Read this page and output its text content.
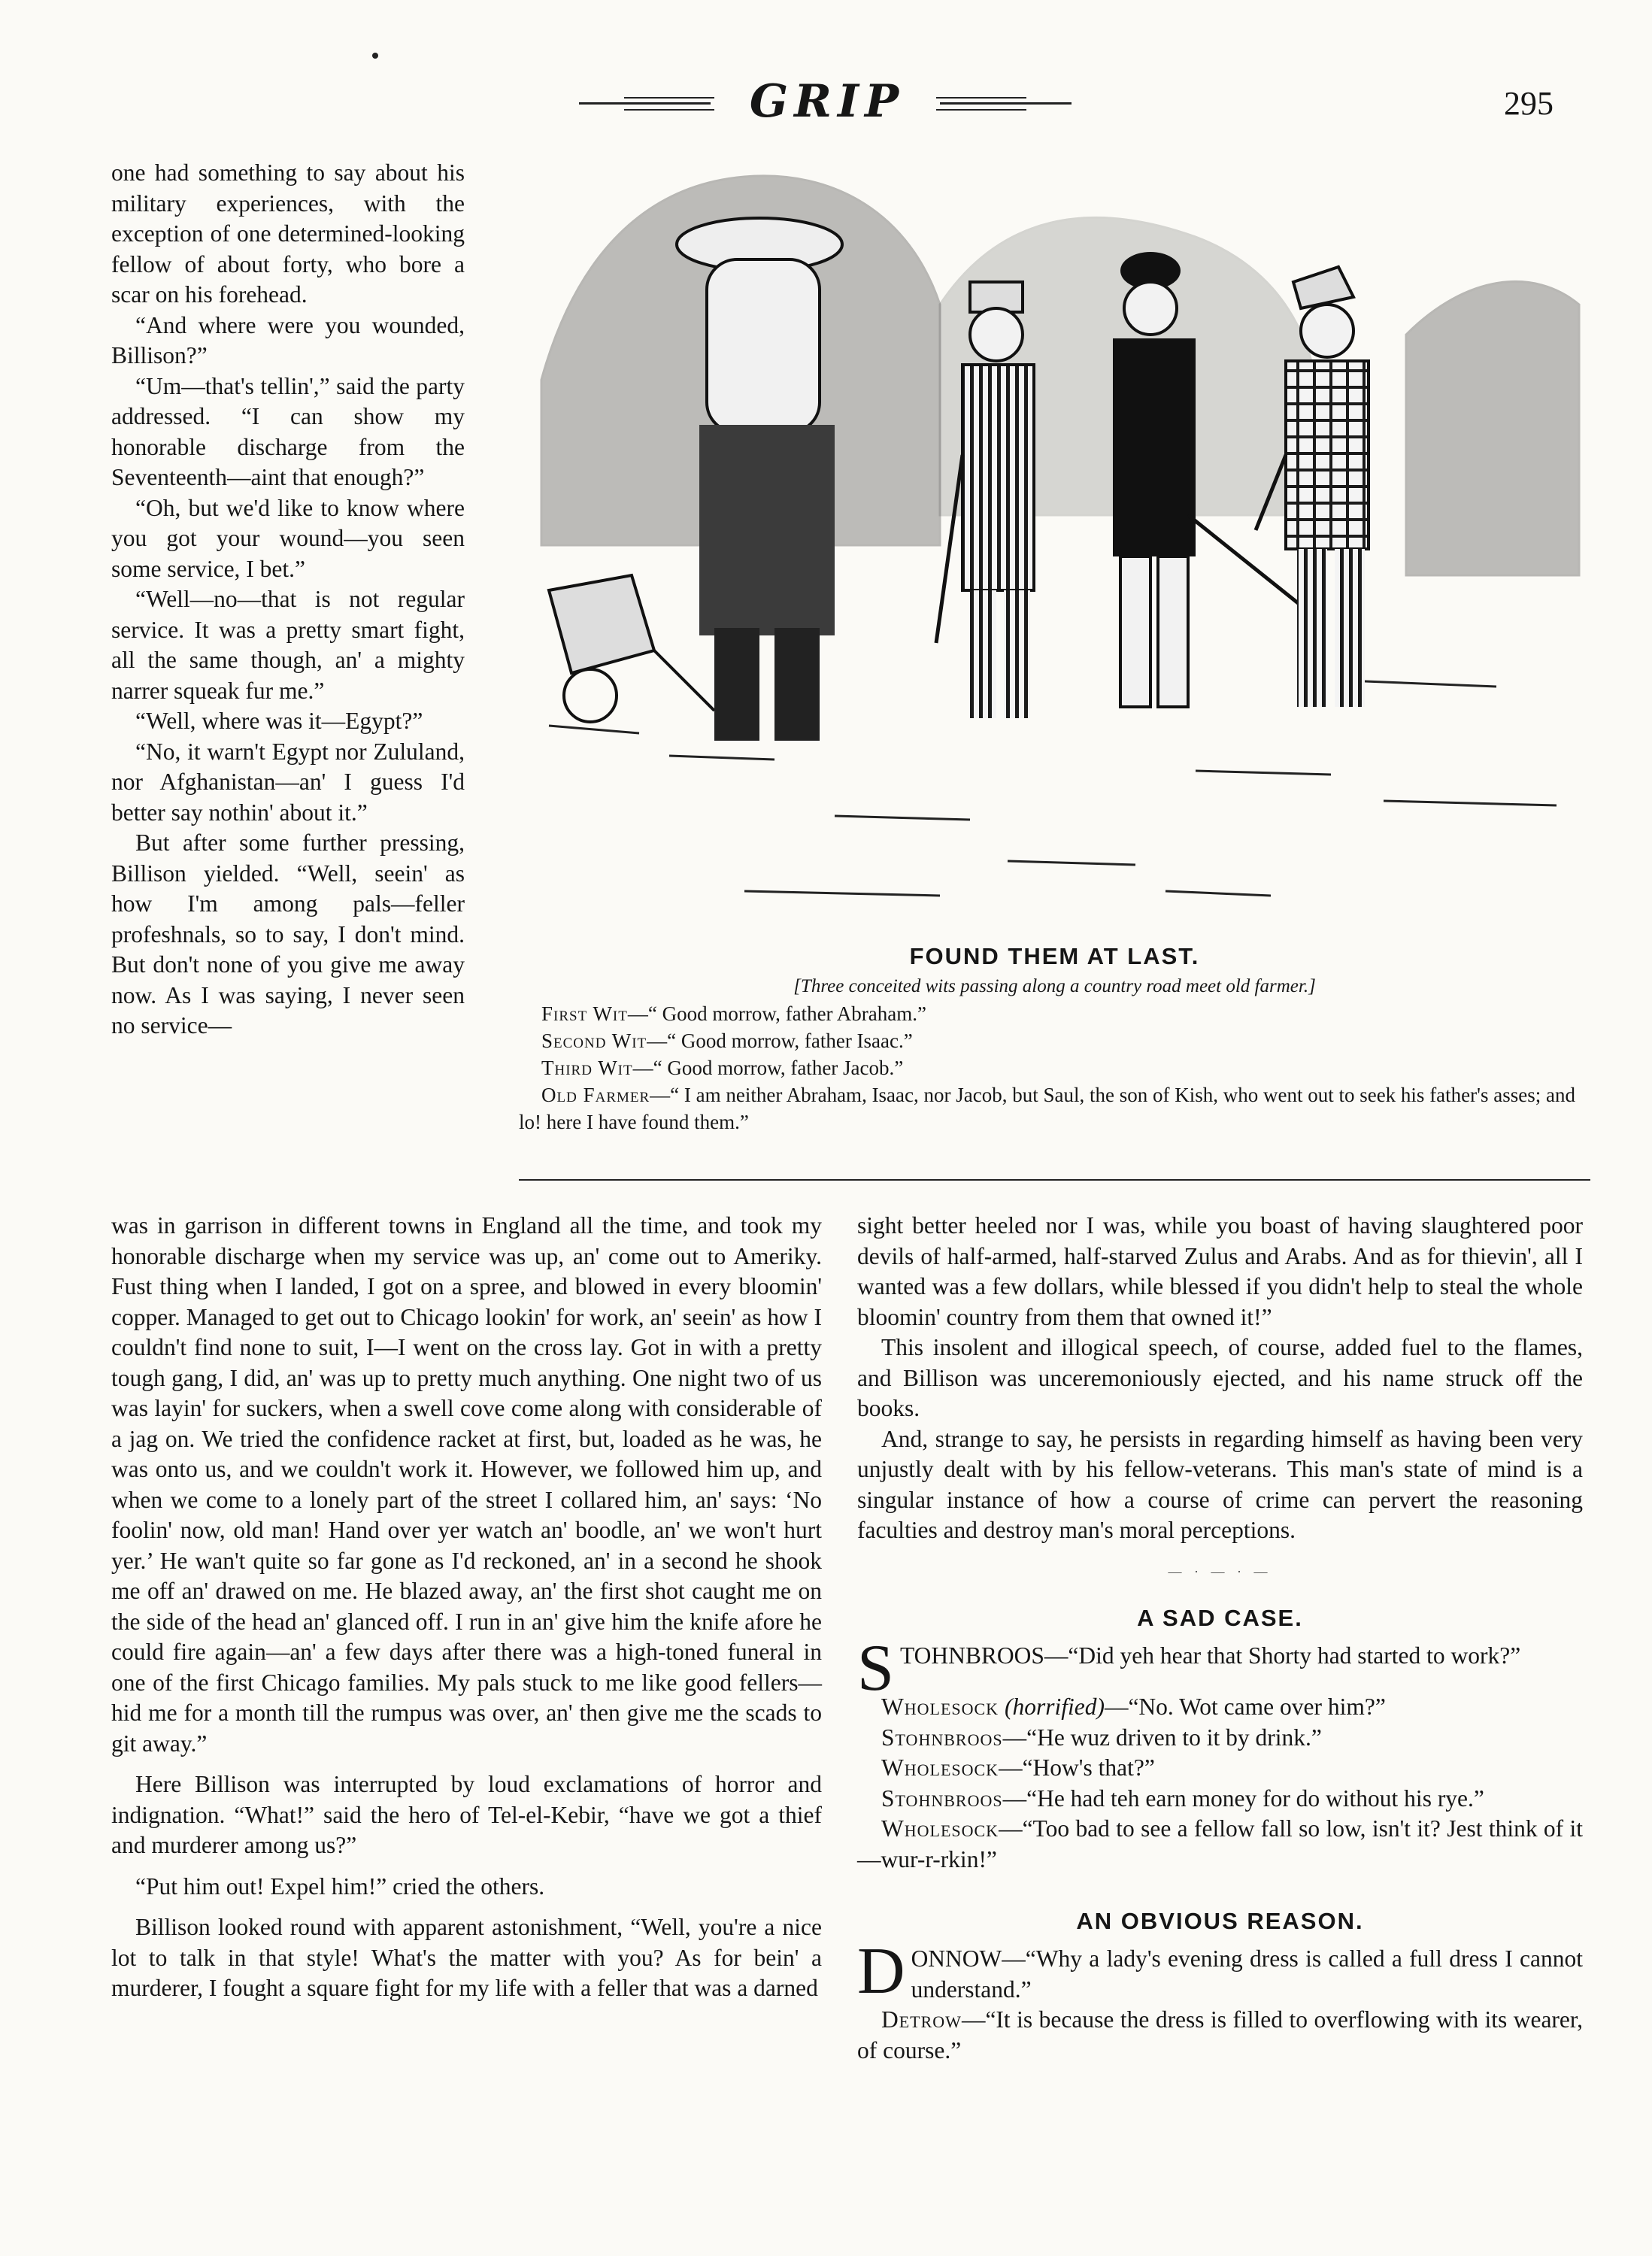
GRIP	295

one had something to say about his military experiences, with the exception of one determined-looking fellow of about forty, who bore a scar on his forehead.

“And where were you wounded, Billison?”

“Um—that's tellin',” said the party addressed. “I can show my honorable discharge from the Seventeenth—aint that enough?”

“Oh, but we'd like to know where you got your wound—you seen some service, I bet.”

“Well—no—that is not regular service. It was a pretty smart fight, all the same though, an' a mighty narrer squeak fur me.”

“Well, where was it—Egypt?”

“No, it warn't Egypt nor Zululand, nor Afghanistan—an' I guess I'd better say nothin' about it.”

But after some further pressing, Billison yielded. “Well, seein' as how I'm among pals—feller profeshnals, so to say, I don't mind. But don't none of you give me away now. As I was saying, I never seen no service—

FOUND THEM AT LAST.
[Three conceited wits passing along a country road meet old farmer.]
First Wit—“ Good morrow, father Abraham.”
Second Wit—“ Good morrow, father Isaac.”
Third Wit—“ Good morrow, father Jacob.”
Old Farmer—“ I am neither Abraham, Isaac, nor Jacob, but Saul, the son of Kish, who went out to seek his father's asses; and lo! here I have found them.”

was in garrison in different towns in England all the time, and took my honorable discharge when my service was up, an' come out to Ameriky. Fust thing when I landed, I got on a spree, and blowed in every bloomin' copper. Managed to get out to Chicago lookin' for work, an' seein' as how I couldn't find none to suit, I—I went on the cross lay. Got in with a pretty tough gang, I did, an' was up to pretty much anything. One night two of us was layin' for suckers, when a swell cove come along with considerable of a jag on. We tried the confidence racket at first, but, loaded as he was, he was onto us, and we couldn't work it. However, we followed him up, and when we come to a lonely part of the street I collared him, an' says: ‘No foolin' now, old man! Hand over yer watch an' boodle, an' we won't hurt yer.’ He wan't quite so far gone as I'd reckoned, an' in a second he shook me off an' drawed on me. He blazed away, an' the first shot caught me on the side of the head an' glanced off. I run in an' give him the knife afore he could fire again—an' a few days after there was a high-toned funeral in one of the first Chicago families. My pals stuck to me like good fellers—hid me for a month till the rumpus was over, an' then give me the scads to git away.”

Here Billison was interrupted by loud exclamations of horror and indignation. “What!” said the hero of Tel-el-Kebir, “have we got a thief and murderer among us?”

“Put him out! Expel him!” cried the others.

Billison looked round with apparent astonishment, “Well, you're a nice lot to talk in that style! What's the matter with you? As for bein' a murderer, I fought a square fight for my life with a feller that was a darned

sight better heeled nor I was, while you boast of having slaughtered poor devils of half-armed, half-starved Zulus and Arabs. And as for thievin', all I wanted was a few dollars, while blessed if you didn't help to steal the whole bloomin' country from them that owned it!”

This insolent and illogical speech, of course, added fuel to the flames, and Billison was unceremoniously ejected, and his name struck off the books.

And, strange to say, he persists in regarding himself as having been very unjustly dealt with by his fellow-veterans. This man's state of mind is a singular instance of how a course of crime can pervert the reasoning faculties and destroy man's moral perceptions.

— · — · —
A SAD CASE.

STOHNBROOS—“Did yeh hear that Shorty had started to work?”

Wholesock (horrified)—“No. Wot came over him?”

Stohnbroos—“He wuz driven to it by drink.”

Wholesock—“How's that?”

Stohnbroos—“He had teh earn money for do without his rye.”

Wholesock—“Too bad to see a fellow fall so low, isn't it? Jest think of it—wur-r-rkin!”

AN OBVIOUS REASON.

DONNOW—“Why a lady's evening dress is called a full dress I cannot understand.”

Detrow—“It is because the dress is filled to overflowing with its wearer, of course.”
